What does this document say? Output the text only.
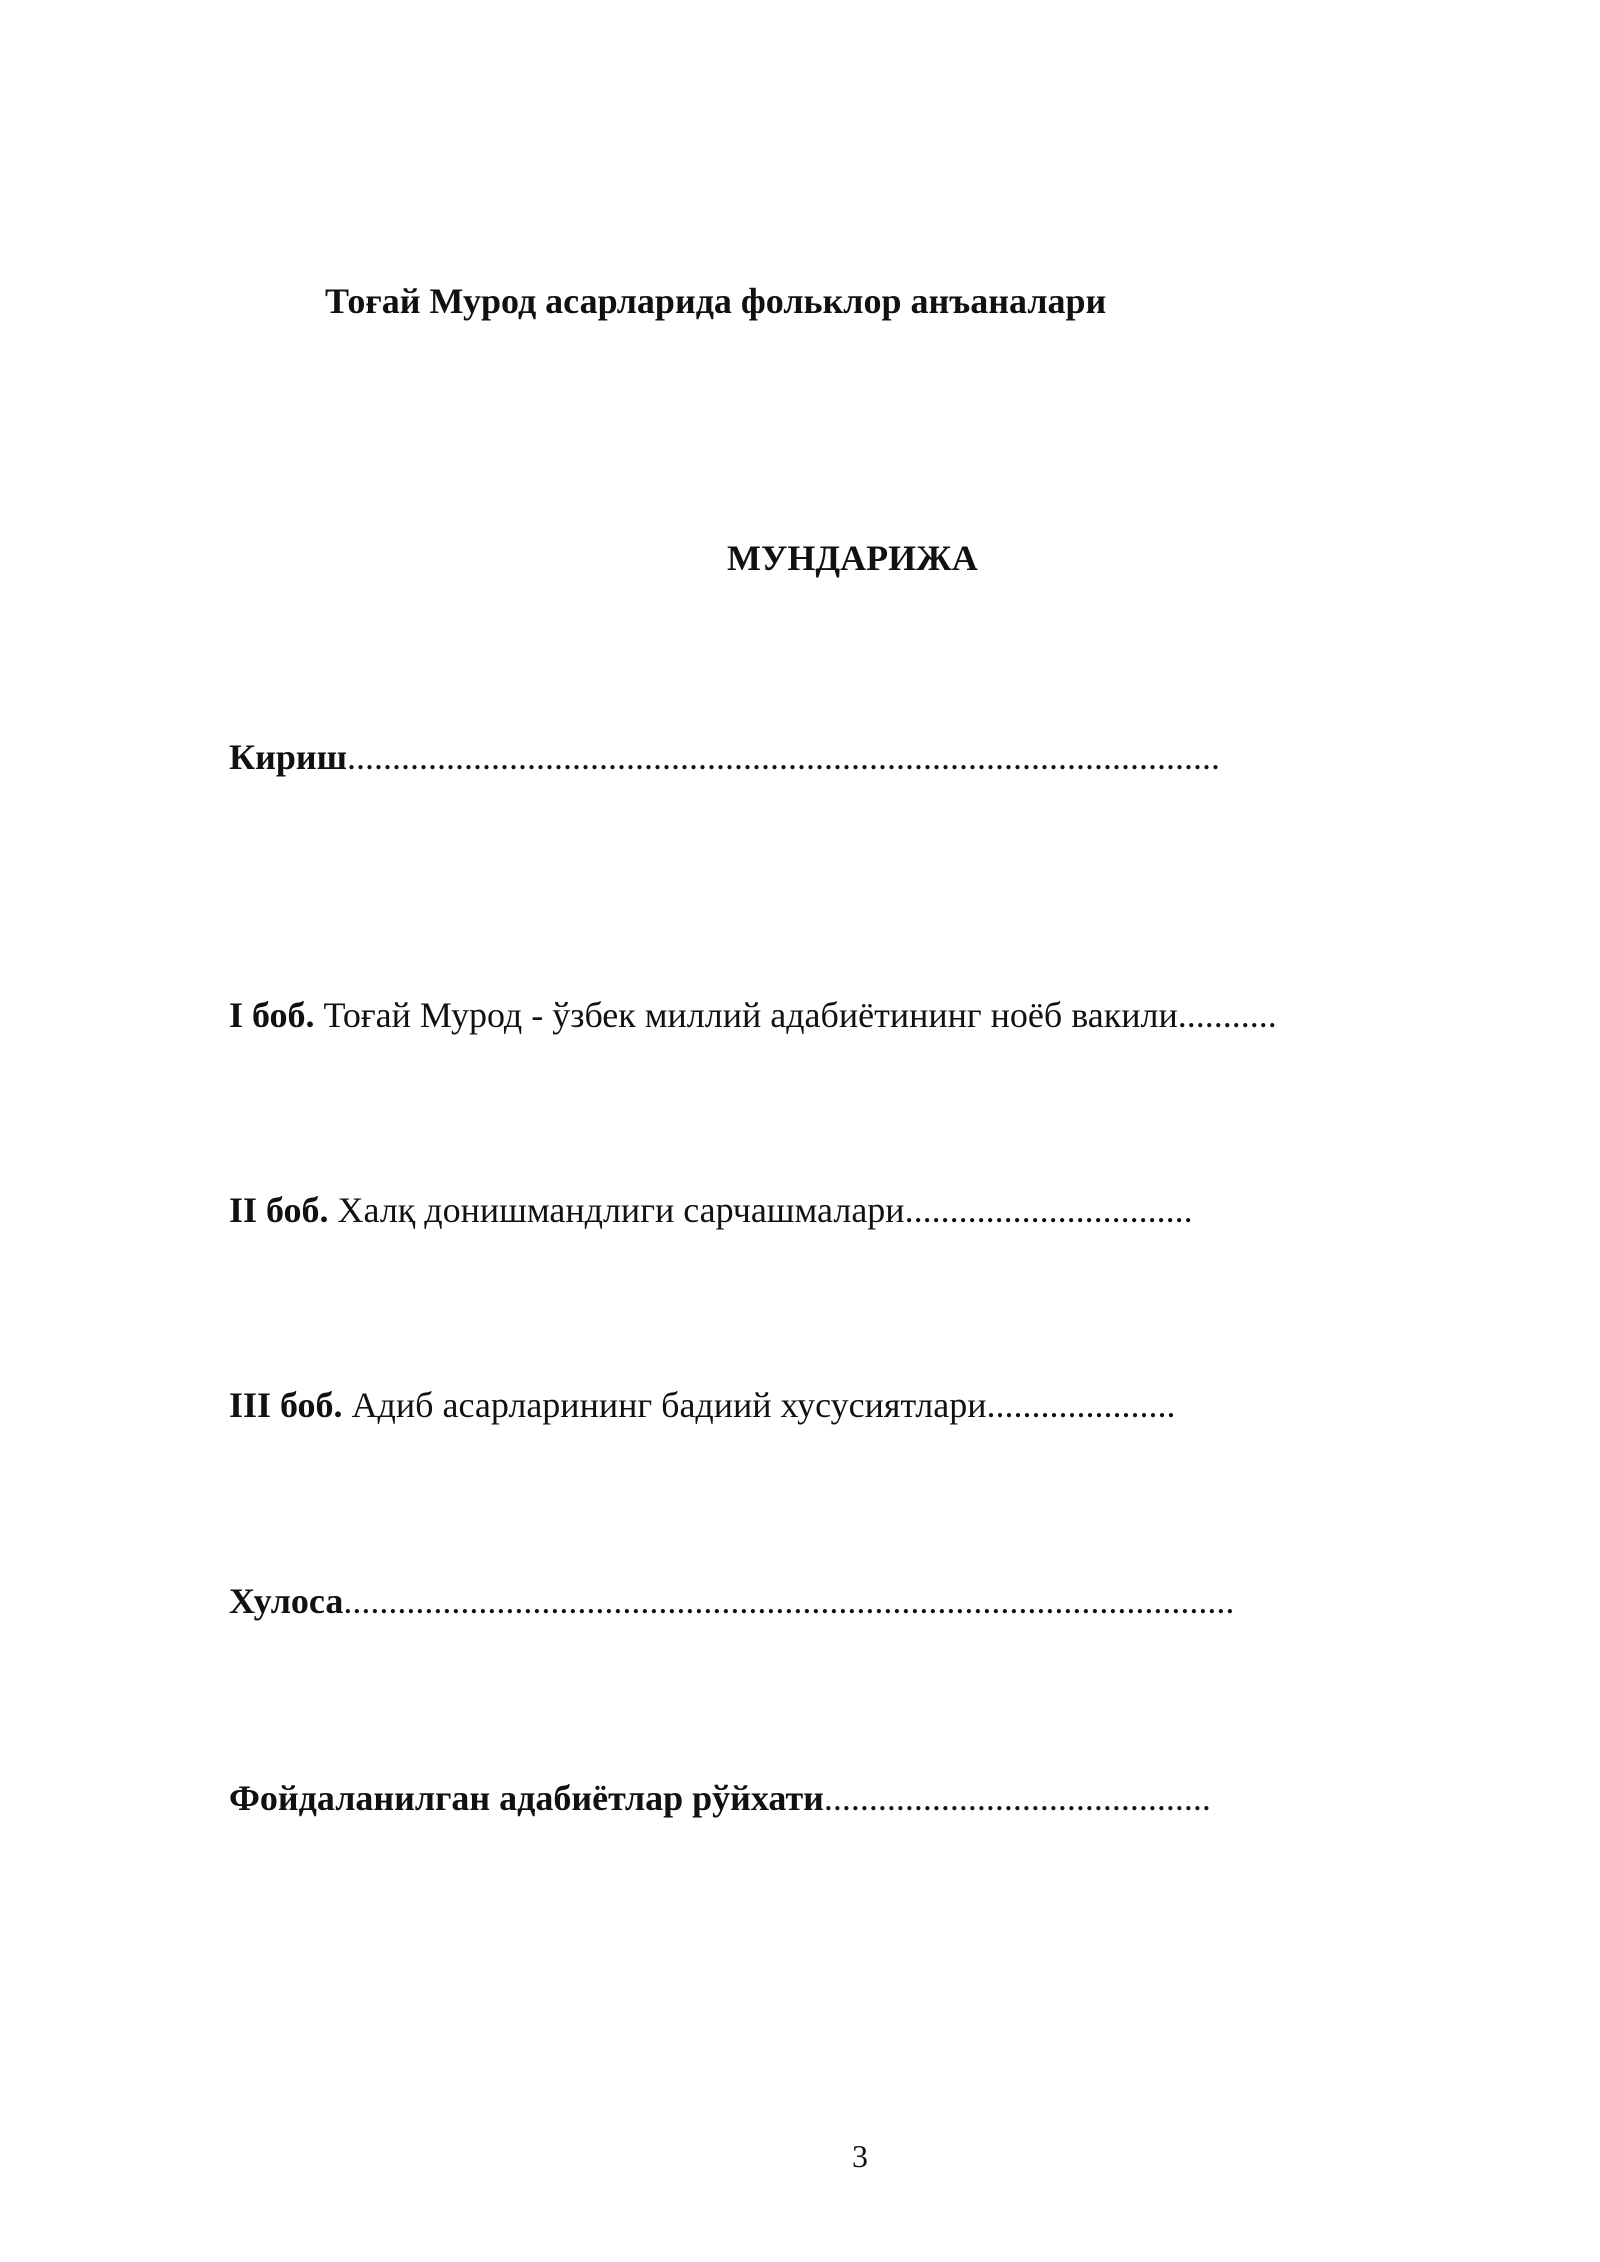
Тоғай Мурод асарларида фольклор анъаналари
МУНДАРИЖА

Кириш.................................................................................................

I боб. Тоғай Мурод - ўзбек миллий адабиётининг ноёб вакили...........

II боб. Халқ донишмандлиги сарчашмалари................................

III боб. Адиб асарларининг бадиий хусусиятлари.....................

Хулоса...................................................................................................

Фойдаланилган адабиётлар рўйхати...........................................

3
